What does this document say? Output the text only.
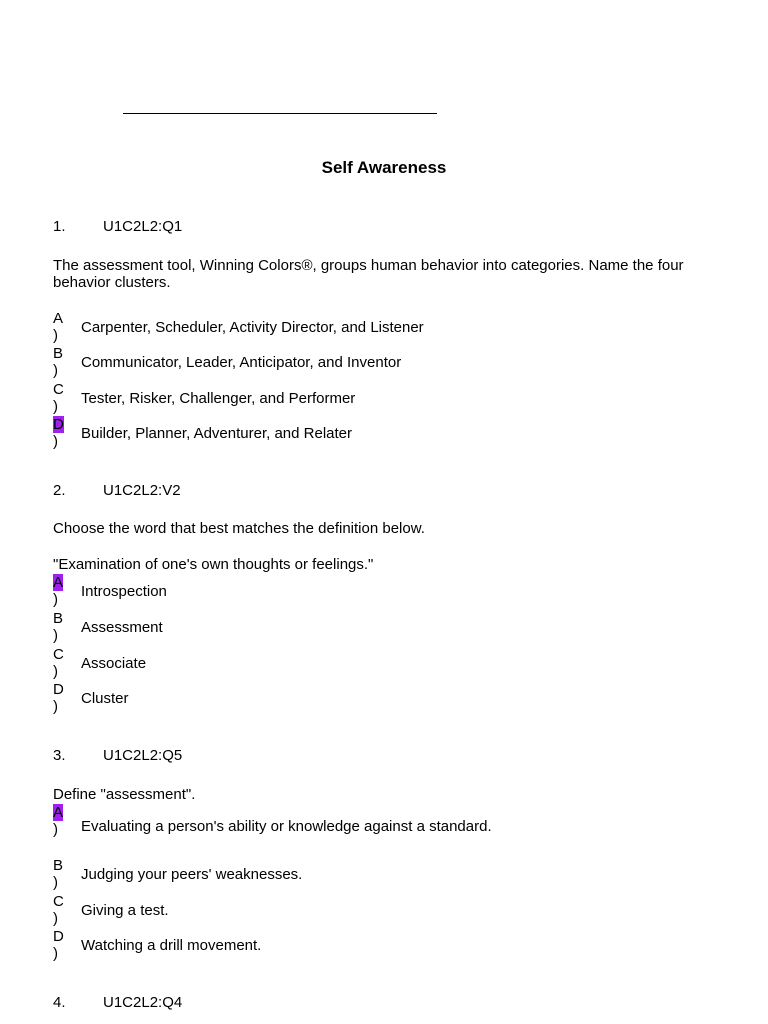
Self Awareness
1. U1C2L2:Q1
The assessment tool, Winning Colors®, groups human behavior into categories. Name the four behavior clusters.
A
)	Carpenter, Scheduler, Activity Director, and Listener
B
)	Communicator, Leader, Anticipator, and Inventor
C
)	Tester, Risker, Challenger, and Performer
D
)	Builder, Planner, Adventurer, and Relater
2. U1C2L2:V2
Choose the word that best matches the definition below.
"Examination of one's own thoughts or feelings."
A
)	Introspection
B
)	Assessment
C
)	Associate
D
)	Cluster
3. U1C2L2:Q5
Define "assessment".
A
)	Evaluating a person's ability or knowledge against a standard.
B
)	Judging your peers' weaknesses.
C
)	Giving a test.
D
)	Watching a drill movement.
4. U1C2L2:Q4
